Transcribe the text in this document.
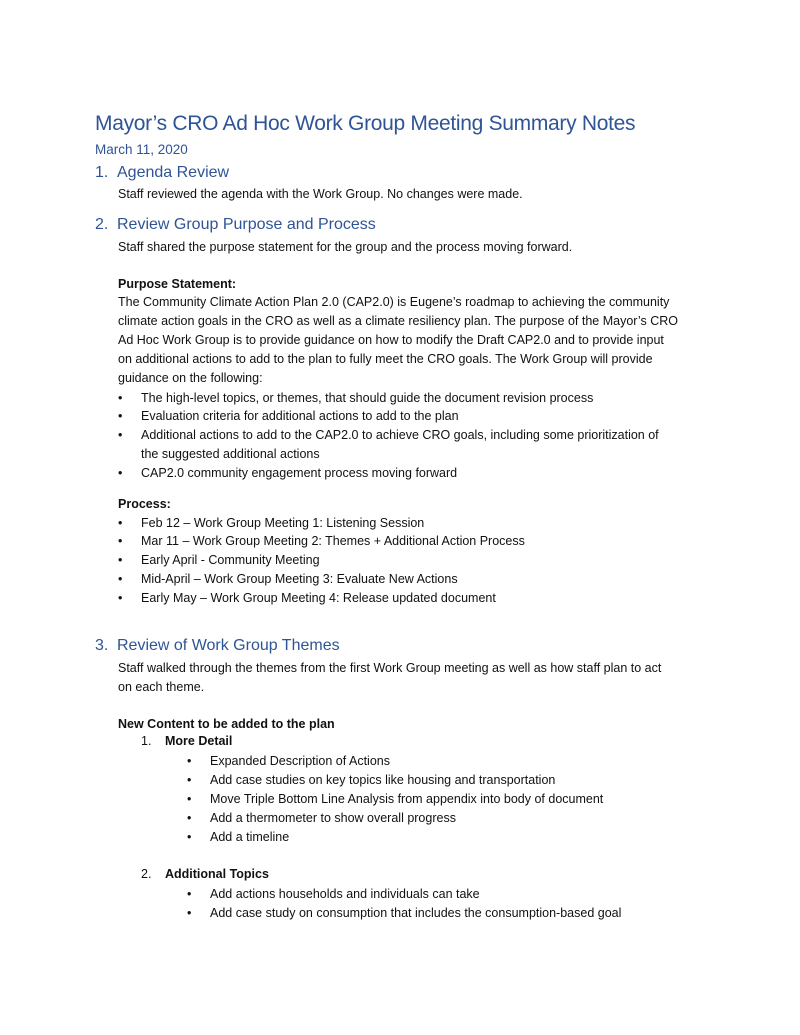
Mayor’s CRO Ad Hoc Work Group Meeting Summary Notes
March 11, 2020
1. Agenda Review
Staff reviewed the agenda with the Work Group. No changes were made.
2. Review Group Purpose and Process
Staff shared the purpose statement for the group and the process moving forward.
Purpose Statement:
The Community Climate Action Plan 2.0 (CAP2.0) is Eugene’s roadmap to achieving the community
climate action goals in the CRO as well as a climate resiliency plan. The purpose of the Mayor’s CRO
Ad Hoc Work Group is to provide guidance on how to modify the Draft CAP2.0 and to provide input
on additional actions to add to the plan to fully meet the CRO goals. The Work Group will provide
guidance on the following:
• The high-level topics, or themes, that should guide the document revision process
• Evaluation criteria for additional actions to add to the plan
• Additional actions to add to the CAP2.0 to achieve CRO goals, including some prioritization of
the suggested additional actions
• CAP2.0 community engagement process moving forward
Process:
• Feb 12 – Work Group Meeting 1: Listening Session
• Mar 11 – Work Group Meeting 2: Themes + Additional Action Process
• Early April - Community Meeting
• Mid-April – Work Group Meeting 3: Evaluate New Actions
• Early May – Work Group Meeting 4: Release updated document
3. Review of Work Group Themes
Staff walked through the themes from the first Work Group meeting as well as how staff plan to act
on each theme.
New Content to be added to the plan
1. More Detail
• Expanded Description of Actions
• Add case studies on key topics like housing and transportation
• Move Triple Bottom Line Analysis from appendix into body of document
• Add a thermometer to show overall progress
• Add a timeline
2. Additional Topics
• Add actions households and individuals can take
• Add case study on consumption that includes the consumption-based goal
